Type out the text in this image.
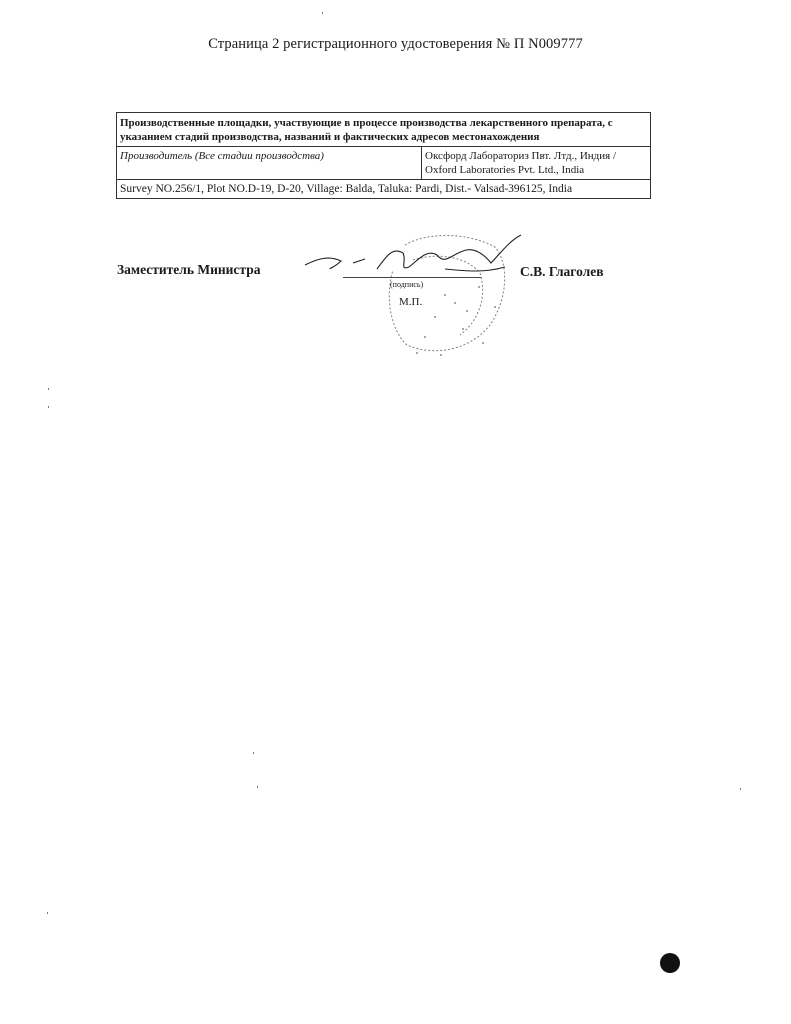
Страница 2 регистрационного удостоверения № П N009777
Производственные площадки, участвующие в процессе производства лекарственного препарата, с указанием стадий производства, названий и фактических адресов местонахождения
Производитель (Все стадии производства)	Оксфорд Лабораториз Пвт. Лтд., Индия /
Oxford Laboratories Pvt. Ltd., India

Survey NO.256/1, Plot NO.D-19, D-20, Village: Balda, Taluka: Pardi, Dist.- Valsad-396125, India
Заместитель Министра
(подпись)
М.П.
С.В. Глаголев
